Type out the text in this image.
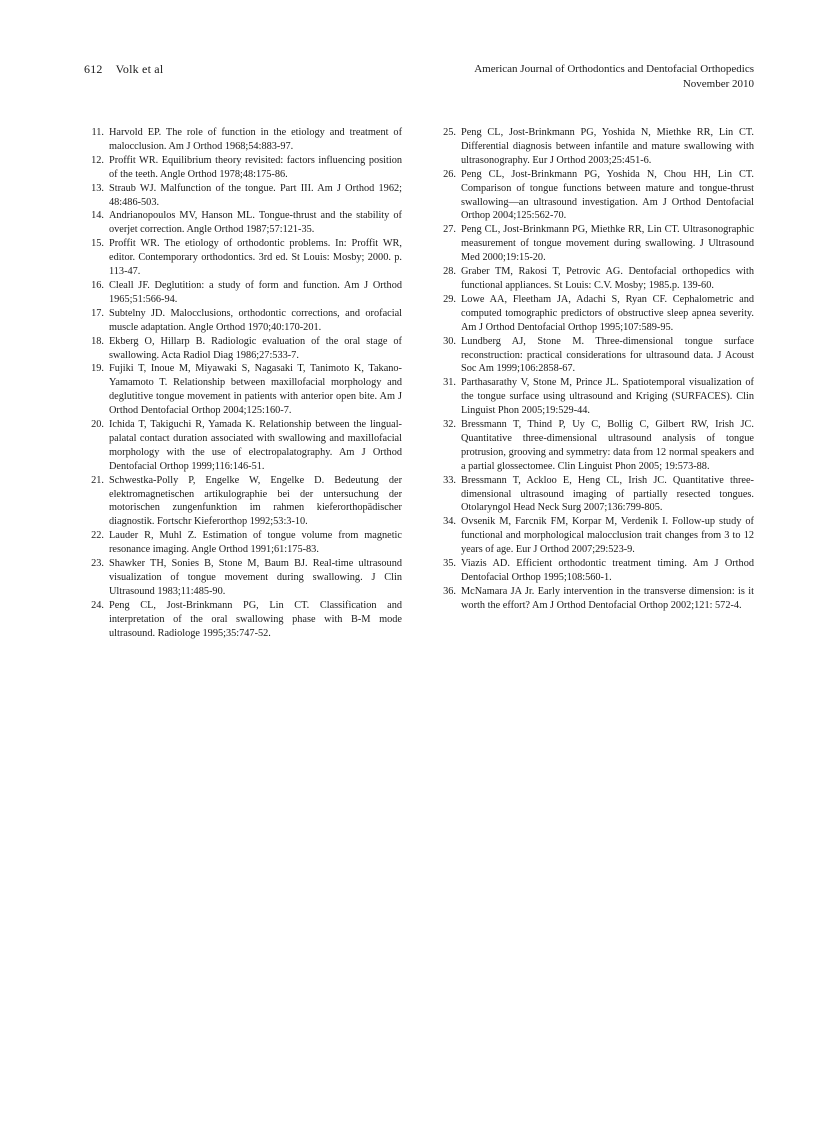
612 Volk et al	American Journal of Orthodontics and Dentofacial Orthopedics
November 2010
11. Harvold EP. The role of function in the etiology and treatment of malocclusion. Am J Orthod 1968;54:883-97.
12. Proffit WR. Equilibrium theory revisited: factors influencing position of the teeth. Angle Orthod 1978;48:175-86.
13. Straub WJ. Malfunction of the tongue. Part III. Am J Orthod 1962; 48:486-503.
14. Andrianopoulos MV, Hanson ML. Tongue-thrust and the stability of overjet correction. Angle Orthod 1987;57:121-35.
15. Proffit WR. The etiology of orthodontic problems. In: Proffit WR, editor. Contemporary orthodontics. 3rd ed. St Louis: Mosby; 2000. p. 113-47.
16. Cleall JF. Deglutition: a study of form and function. Am J Orthod 1965;51:566-94.
17. Subtelny JD. Malocclusions, orthodontic corrections, and orofacial muscle adaptation. Angle Orthod 1970;40:170-201.
18. Ekberg O, Hillarp B. Radiologic evaluation of the oral stage of swallowing. Acta Radiol Diag 1986;27:533-7.
19. Fujiki T, Inoue M, Miyawaki S, Nagasaki T, Tanimoto K, Takano-Yamamoto T. Relationship between maxillofacial morphology and deglutitive tongue movement in patients with anterior open bite. Am J Orthod Dentofacial Orthop 2004;125:160-7.
20. Ichida T, Takiguchi R, Yamada K. Relationship between the lingual-palatal contact duration associated with swallowing and maxillofacial morphology with the use of electropalatography. Am J Orthod Dentofacial Orthop 1999;116:146-51.
21. Schwestka-Polly P, Engelke W, Engelke D. Bedeutung der elektromagnetischen artikulographie bei der untersuchung der motorischen zungenfunktion im rahmen kieferorthopädischer diagnostik. Fortschr Kieferorthop 1992;53:3-10.
22. Lauder R, Muhl Z. Estimation of tongue volume from magnetic resonance imaging. Angle Orthod 1991;61:175-83.
23. Shawker TH, Sonies B, Stone M, Baum BJ. Real-time ultrasound visualization of tongue movement during swallowing. J Clin Ultrasound 1983;11:485-90.
24. Peng CL, Jost-Brinkmann PG, Lin CT. Classification and interpretation of the oral swallowing phase with B-M mode ultrasound. Radiologe 1995;35:747-52.
25. Peng CL, Jost-Brinkmann PG, Yoshida N, Miethke RR, Lin CT. Differential diagnosis between infantile and mature swallowing with ultrasonography. Eur J Orthod 2003;25:451-6.
26. Peng CL, Jost-Brinkmann PG, Yoshida N, Chou HH, Lin CT. Comparison of tongue functions between mature and tongue-thrust swallowing—an ultrasound investigation. Am J Orthod Dentofacial Orthop 2004;125:562-70.
27. Peng CL, Jost-Brinkmann PG, Miethke RR, Lin CT. Ultrasonographic measurement of tongue movement during swallowing. J Ultrasound Med 2000;19:15-20.
28. Graber TM, Rakosi T, Petrovic AG. Dentofacial orthopedics with functional appliances. St Louis: C.V. Mosby; 1985.p. 139-60.
29. Lowe AA, Fleetham JA, Adachi S, Ryan CF. Cephalometric and computed tomographic predictors of obstructive sleep apnea severity. Am J Orthod Dentofacial Orthop 1995;107:589-95.
30. Lundberg AJ, Stone M. Three-dimensional tongue surface reconstruction: practical considerations for ultrasound data. J Acoust Soc Am 1999;106:2858-67.
31. Parthasarathy V, Stone M, Prince JL. Spatiotemporal visualization of the tongue surface using ultrasound and Kriging (SURFACES). Clin Linguist Phon 2005;19:529-44.
32. Bressmann T, Thind P, Uy C, Bollig C, Gilbert RW, Irish JC. Quantitative three-dimensional ultrasound analysis of tongue protrusion, grooving and symmetry: data from 12 normal speakers and a partial glossectomee. Clin Linguist Phon 2005; 19:573-88.
33. Bressmann T, Ackloo E, Heng CL, Irish JC. Quantitative three-dimensional ultrasound imaging of partially resected tongues. Otolaryngol Head Neck Surg 2007;136:799-805.
34. Ovsenik M, Farcnik FM, Korpar M, Verdenik I. Follow-up study of functional and morphological malocclusion trait changes from 3 to 12 years of age. Eur J Orthod 2007;29:523-9.
35. Viazis AD. Efficient orthodontic treatment timing. Am J Orthod Dentofacial Orthop 1995;108:560-1.
36. McNamara JA Jr. Early intervention in the transverse dimension: is it worth the effort? Am J Orthod Dentofacial Orthop 2002;121: 572-4.
